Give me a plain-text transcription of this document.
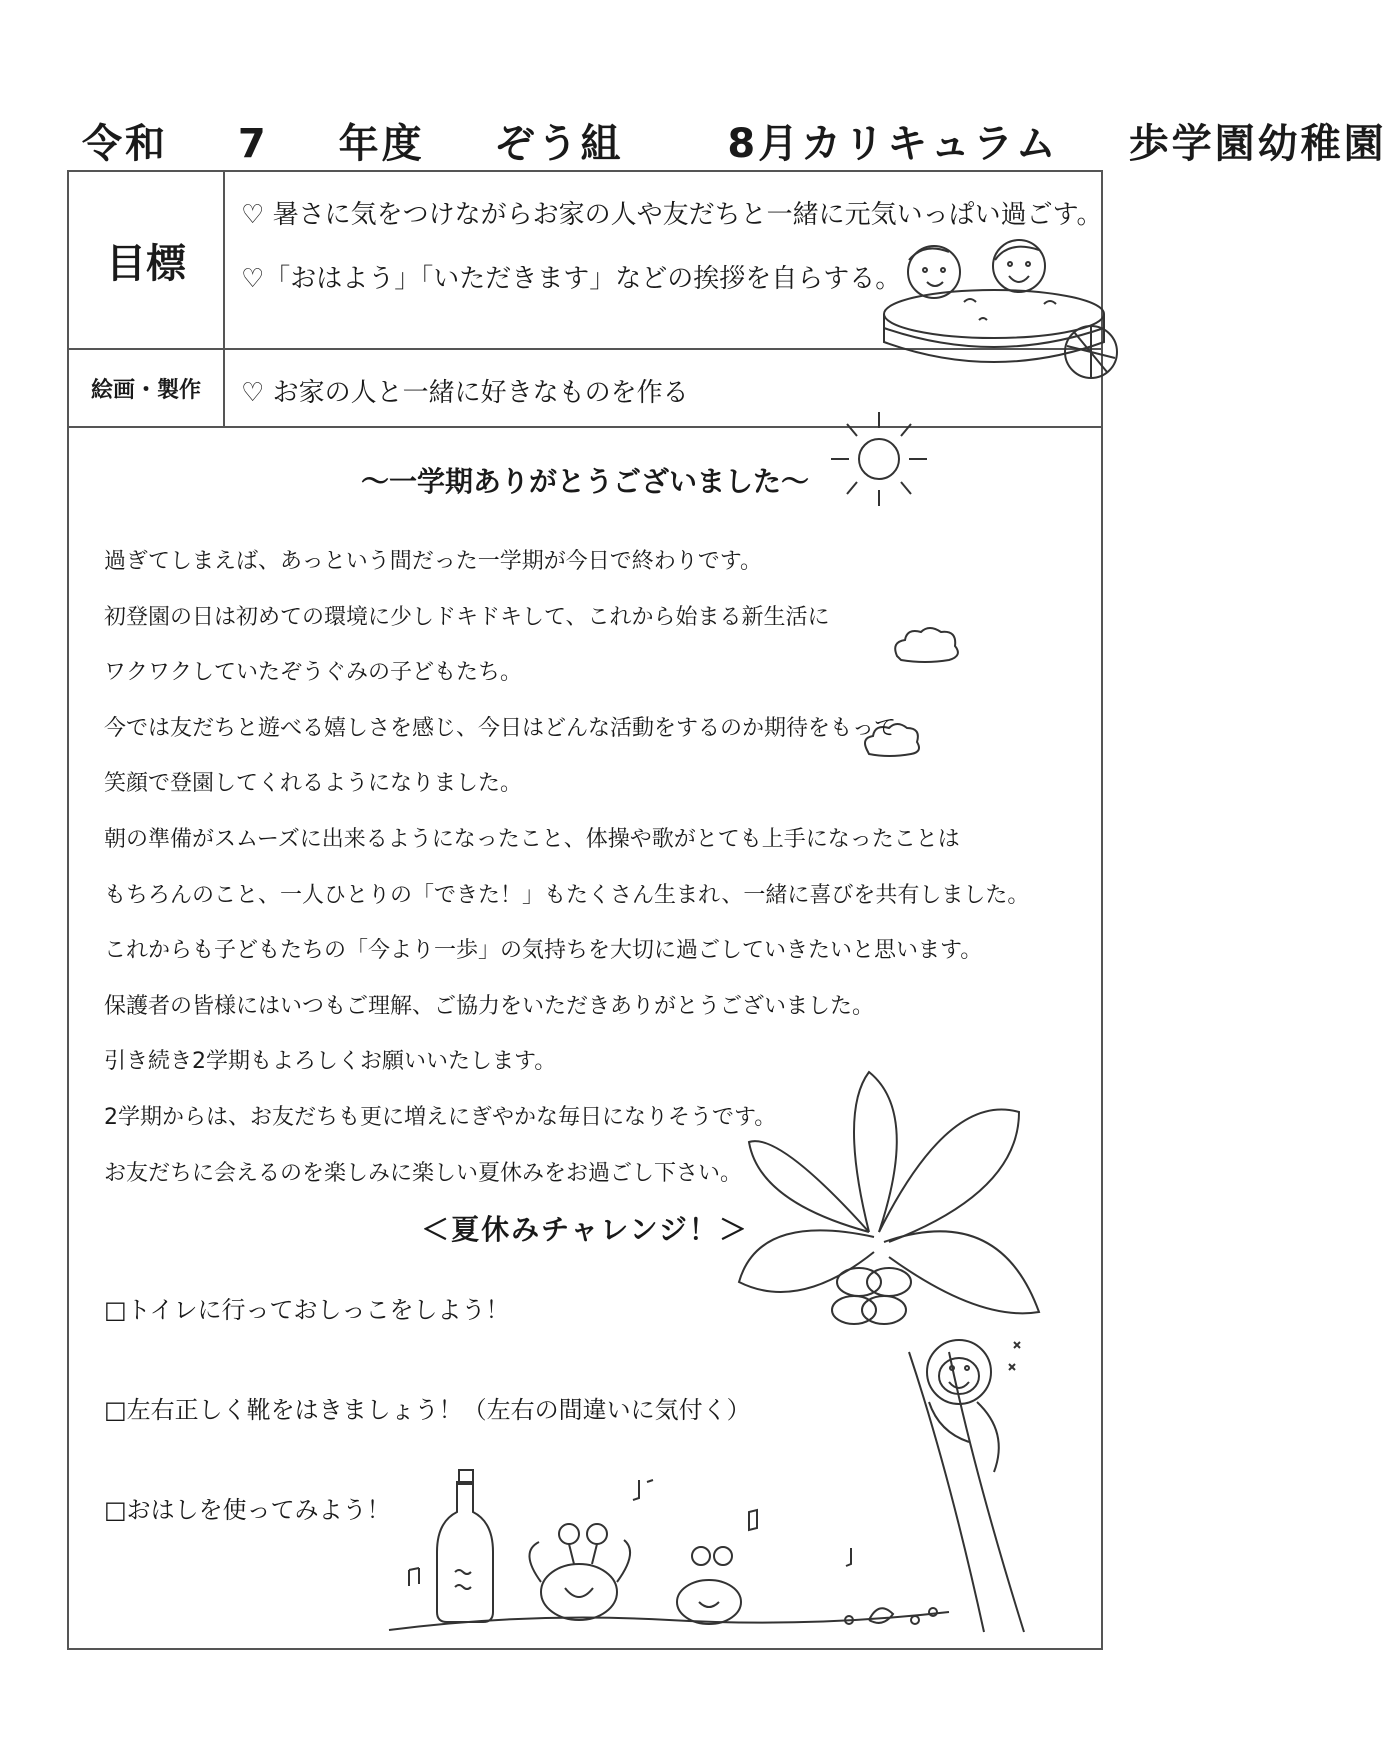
令和 7 年度 ぞう組	8月カリキュラム 歩学園幼稚園
目標
♡ 暑さに気をつけながらお家の人や友だちと一緒に元気いっぱい過ごす。
♡「おはよう」「いただきます」などの挨拶を自らする。
絵画・製作	♡ お家の人と一緒に好きなものを作る
～一学期ありがとうございました～
過ぎてしまえば、あっという間だった一学期が今日で終わりです。
初登園の日は初めての環境に少しドキドキして、これから始まる新生活に
ワクワクしていたぞうぐみの子どもたち。
今では友だちと遊べる嬉しさを感じ、今日はどんな活動をするのか期待をもって
笑顔で登園してくれるようになりました。
朝の準備がスムーズに出来るようになったこと、体操や歌がとても上手になったことは
もちろんのこと、一人ひとりの「できた！」もたくさん生まれ、一緒に喜びを共有しました。
これからも子どもたちの「今より一歩」の気持ちを大切に過ごしていきたいと思います。
保護者の皆様にはいつもご理解、ご協力をいただきありがとうございました。
引き続き2学期もよろしくお願いいたします。
2学期からは、お友だちも更に増えにぎやかな毎日になりそうです。
お友だちに会えるのを楽しみに楽しい夏休みをお過ごし下さい。
＜夏休みチャレンジ！＞
□トイレに行っておしっこをしよう！
□左右正しく靴をはきましょう！（左右の間違いに気付く）
□おはしを使ってみよう！
